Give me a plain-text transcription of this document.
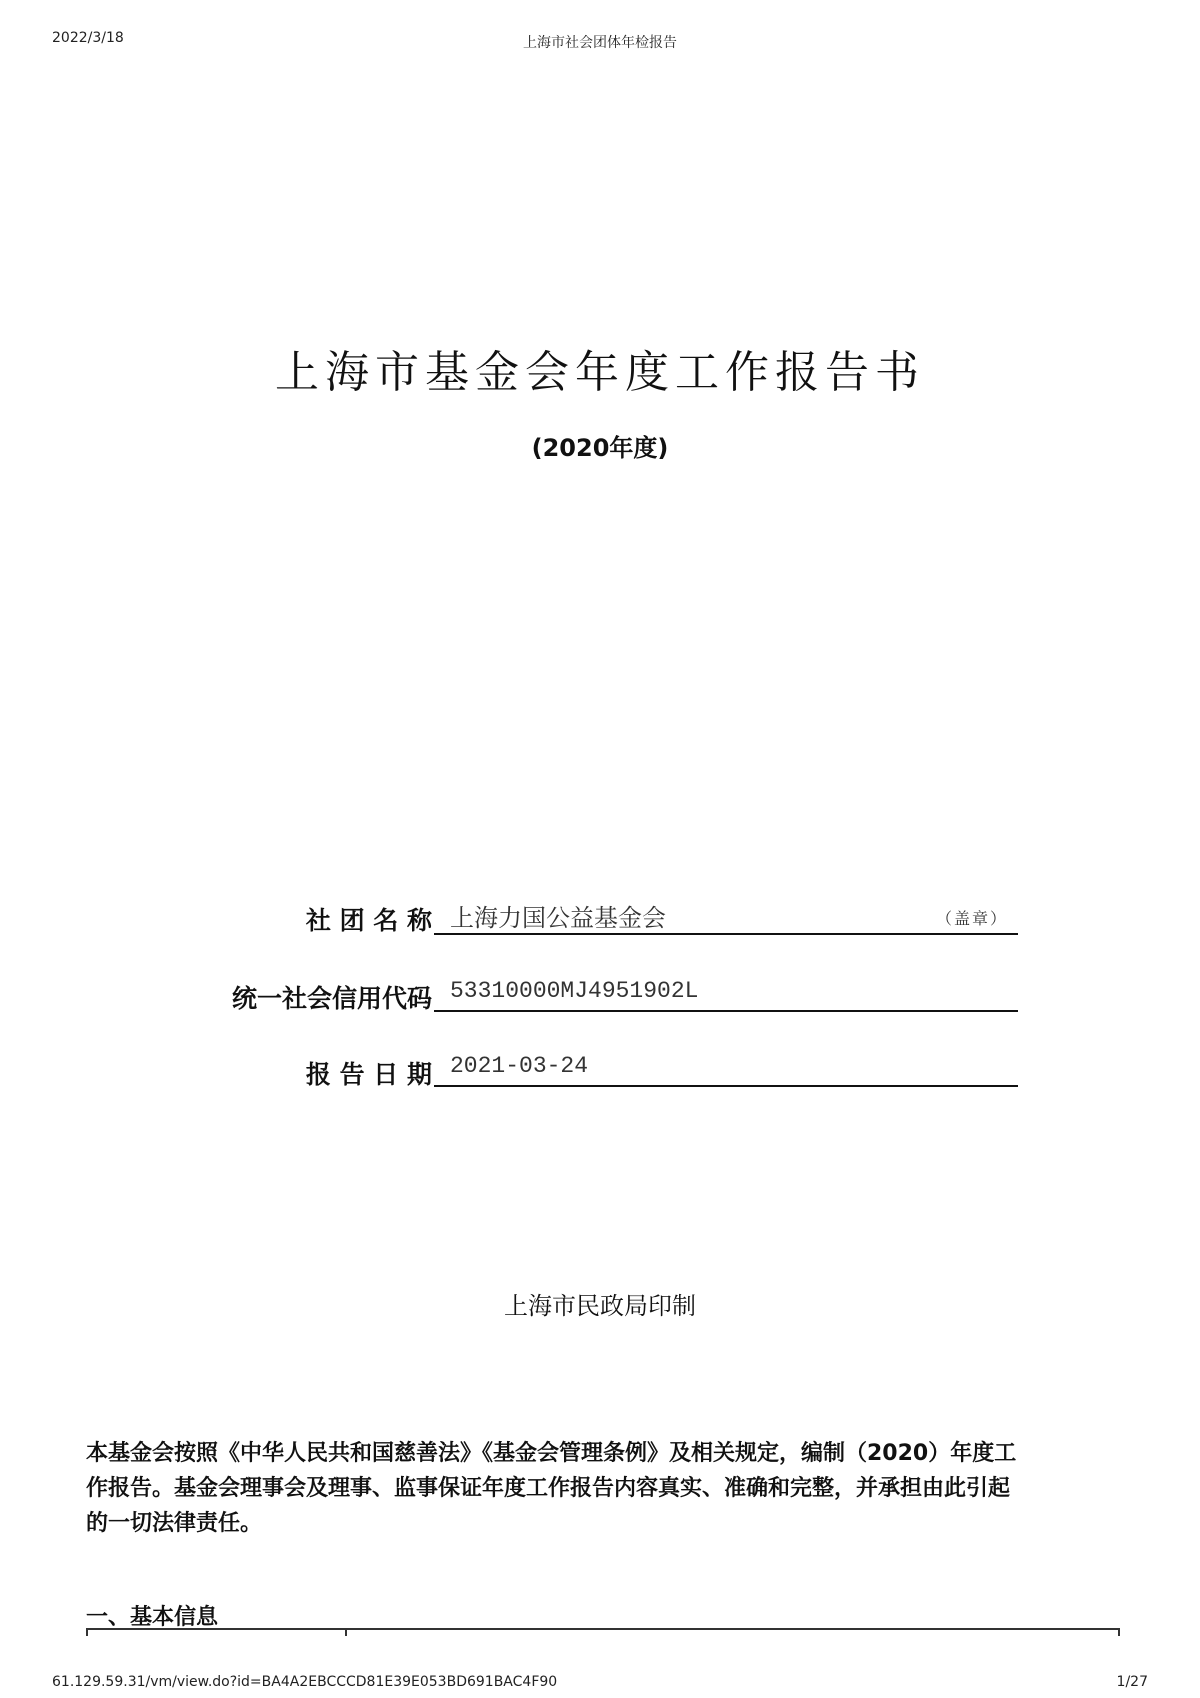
2022/3/18	上海市社会团体年检报告
上海市基金会年度工作报告书
(2020年度)
社 团 名 称 上海力国公益基金会	（盖章）
统一社会信用代码 53310000MJ4951902L
报 告 日 期 2021-03-24
上海市民政局印制
本基金会按照《中华人民共和国慈善法》《基金会管理条例》及相关规定，编制（2020）年度工作报告。基金会理事会及理事、监事保证年度工作报告内容真实、准确和完整，并承担由此引起的一切法律责任。
一、基本信息
61.129.59.31/vm/view.do?id=BA4A2EBCCCD81E39E053BD691BAC4F90	1/27
